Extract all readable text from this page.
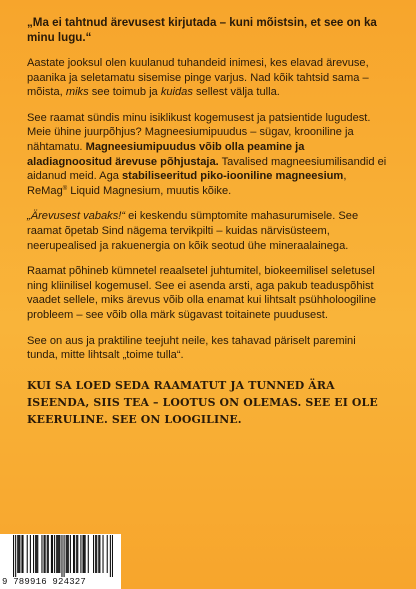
„Ma ei tahtnud ärevusest kirjutada – kuni mõistsin, et see on ka minu lugu.“

Aastate jooksul olen kuulanud tuhandeid inimesi, kes elavad ärevuse, paanika ja seletamatu sisemise pinge varjus. Nad kõik tahtsid sama – mõista, miks see toimub ja kuidas sellest välja tulla.

See raamat sündis minu isiklikust kogemusest ja patsientide lugudest. Meie ühine juurpõhjus? Magneesiumipuudus – sügav, krooniline ja nähtamatu. Magneesiumipuudus võib olla peamine ja aladiagnoositud ärevuse põhjustaja. Tavalised magneesiumilisandid ei aidanud meid. Aga stabiliseeritud piko-iooniline magneesium, ReMag® Liquid Magnesium, muutis kõike.

„Ärevusest vabaks!“ ei keskendu sümptomite mahasurumisele. See raamat õpetab Sind nägema tervikpilti – kuidas närvisüsteem, neerupealised ja rakuenergia on kõik seotud ühe mineraalainega.

Raamat põhineb kümnetel reaalsetel juhtumitel, biokeemilisel seletusel ning kliinilisel kogemusel. See ei asenda arsti, aga pakub teaduspõhist vaadet sellele, miks ärevus võib olla enamat kui lihtsalt psühholoogiline probleem – see võib olla märk sügavast toitainete puudusest.

See on aus ja praktiline teejuht neile, kes tahavad päriselt paremini tunda, mitte lihtsalt „toime tulla“.

KUI SA LOED SEDA RAAMATUT JA TUNNED ÄRA ISEENDA, SIIS TEA – LOOTUS ON OLEMAS. SEE EI OLE KEERULINE. SEE ON LOOGILINE.

9 789916 924327
